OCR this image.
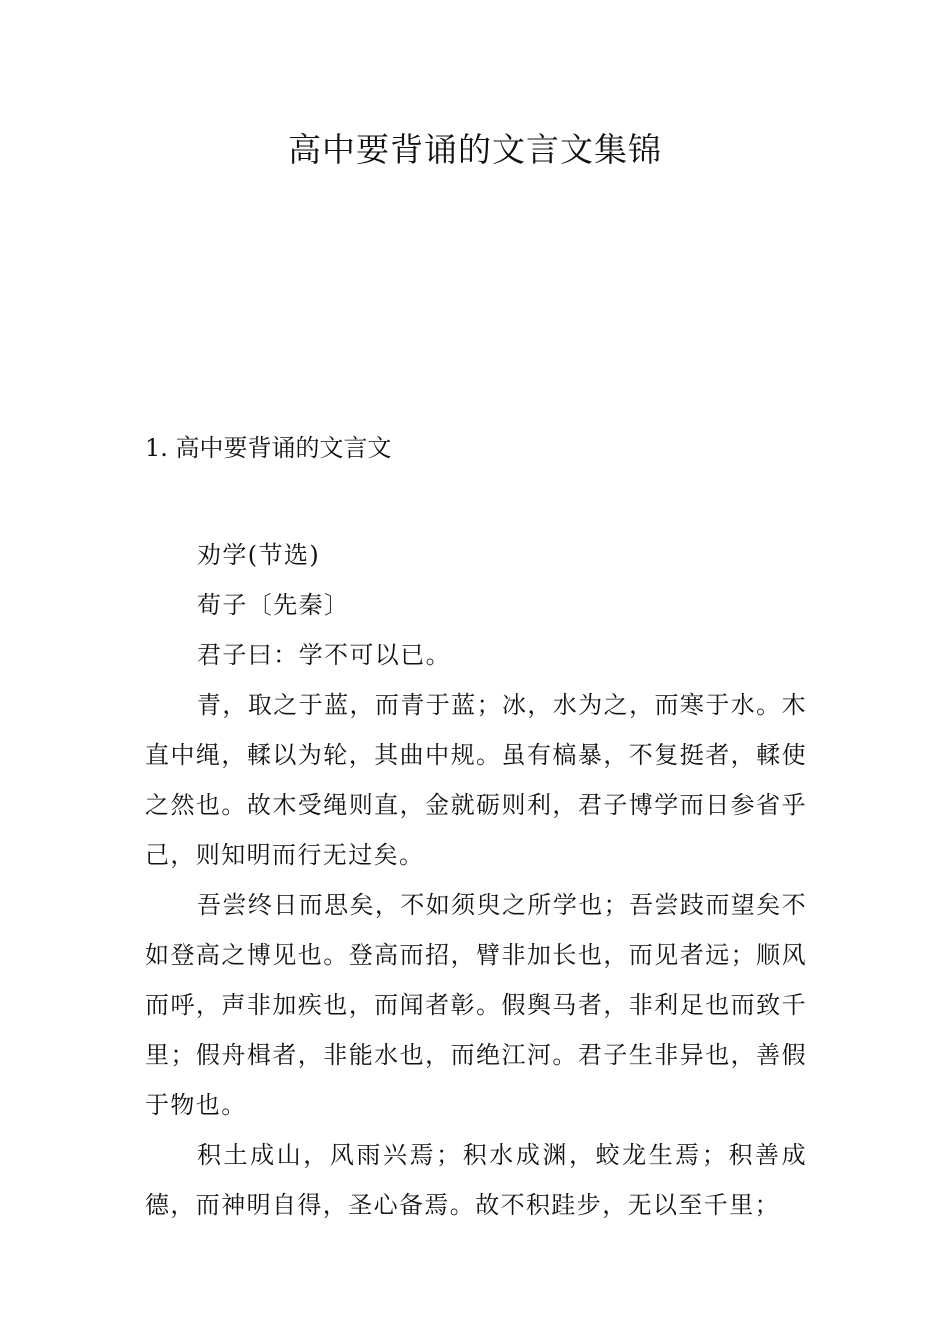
高中要背诵的文言文集锦
1. 高中要背诵的文言文

劝学(节选)

荀子〔先秦〕

君子曰：学不可以已。

青，取之于蓝，而青于蓝；冰，水为之，而寒于水。木直中绳，輮以为轮，其曲中规。虽有槁暴，不复挺者，輮使之然也。故木受绳则直，金就砺则利，君子博学而日参省乎己，则知明而行无过矣。

吾尝终日而思矣，不如须臾之所学也；吾尝跂而望矣不如登高之博见也。登高而招，臂非加长也，而见者远；顺风而呼，声非加疾也，而闻者彰。假舆马者，非利足也而致千里；假舟楫者，非能水也，而绝江河。君子生非异也，善假于物也。

积土成山，风雨兴焉；积水成渊，蛟龙生焉；积善成德，而神明自得，圣心备焉。故不积跬步，无以至千里；
